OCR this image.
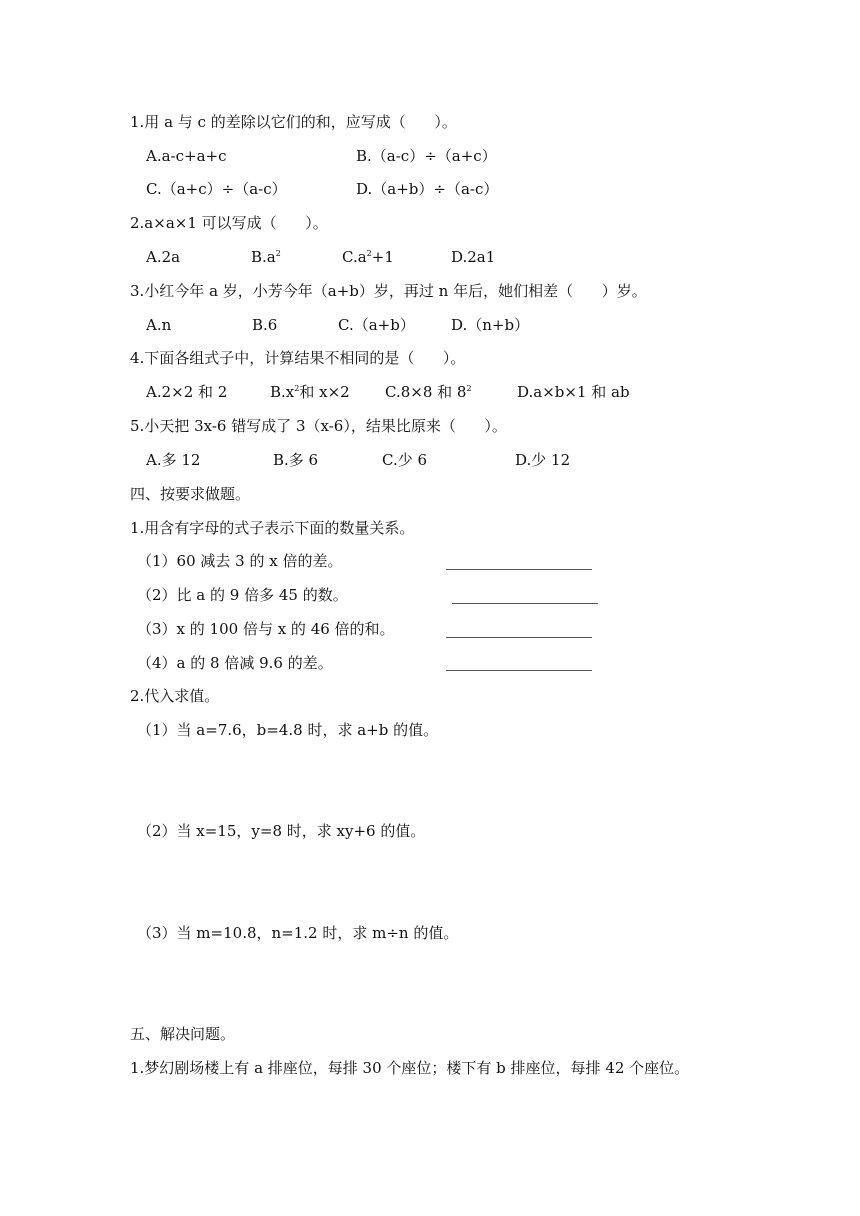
1.用 a 与 c 的差除以它们的和，应写成（      ）。
A.a-c+a+c	B.（a-c）÷（a+c）
C.（a+c）÷（a-c）	D.（a+b）÷（a-c）
2.a×a×1 可以写成（      ）。
A.2a	$B.a^2$	$C.a^2+1$	D.2a1
3.小红今年 a 岁，小芳今年（a+b）岁，再过 n 年后，她们相差（      ）岁。
A.n	B.6	C.（a+b） D.（n+b）
4.下面各组式子中，计算结果不相同的是（      ）。
A.2×2 和 2	$B.x^2$和 x×2 C.8×8 和 $8^2$	D.a×b×1 和 ab
5.小天把 3x-6 错写成了 3（x-6），结果比原来（      ）。
A.多 12	B.多 6	C.少 6	D.少 12
四、按要求做题。
1.用含有字母的式子表示下面的数量关系。
（1）60 减去 3 的 x 倍的差。
（2）比 a 的 9 倍多 45 的数。
（3）x 的 100 倍与 x 的 46 倍的和。
（4）a 的 8 倍减 9.6 的差。
2.代入求值。
（1）当 a=7.6，b=4.8 时，求 a+b 的值。
（2）当 x=15，y=8 时，求 xy+6 的值。
（3）当 m=10.8，n=1.2 时，求 m÷n 的值。
五、解决问题。
1.梦幻剧场楼上有 a 排座位，每排 30 个座位；楼下有 b 排座位，每排 42 个座位。
